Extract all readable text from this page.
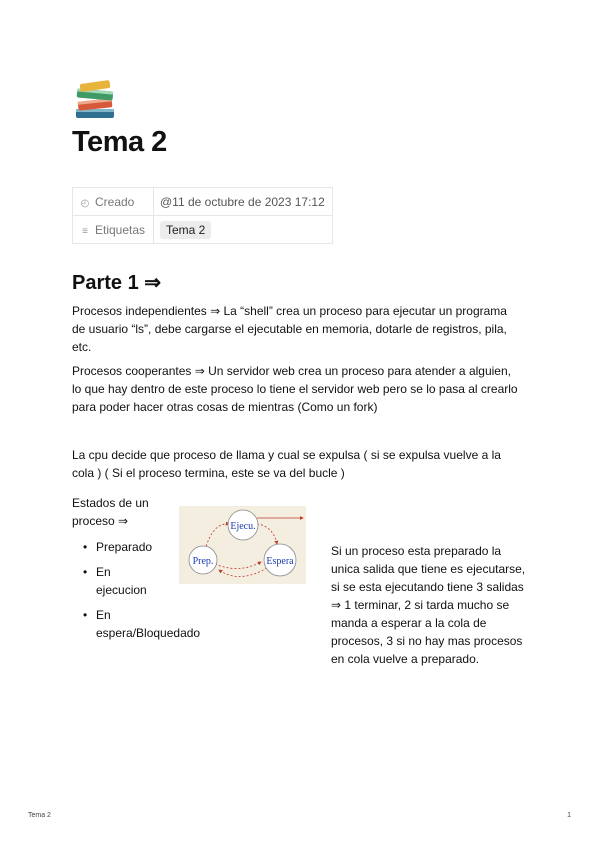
Tema 2
◴ Creado	@11 de octubre de 2023 17:12
≡ Etiquetas	Tema 2
Parte 1 ⇒

Procesos independientes ⇒ La “shell” crea un proceso para ejecutar un programa
de usuario “ls”, debe cargarse el ejecutable en memoria, dotarle de registros, pila,
etc.

Procesos cooperantes ⇒ Un servidor web crea un proceso para atender a alguien,
lo que hay dentro de este proceso lo tiene el servidor web pero se lo pasa al crearlo
para poder hacer otras cosas de mientras (Como un fork)

La cpu decide que proceso de llama y cual se expulsa ( si se expulsa vuelve a la
cola ) ( Si el proceso termina, este se va del bucle )

Estados de un
proceso ⇒

• Preparado
• En
ejecucion
• En
espera/Bloquedado
Ejecu.
Prep.	Espera

Si un proceso esta preparado la
unica salida que tiene es ejecutarse,
si se esta ejecutando tiene 3 salidas
⇒ 1 terminar, 2 si tarda mucho se
manda a esperar a la cola de
procesos, 3 si no hay mas procesos
en cola vuelve a preparado.

Tema 2	1
